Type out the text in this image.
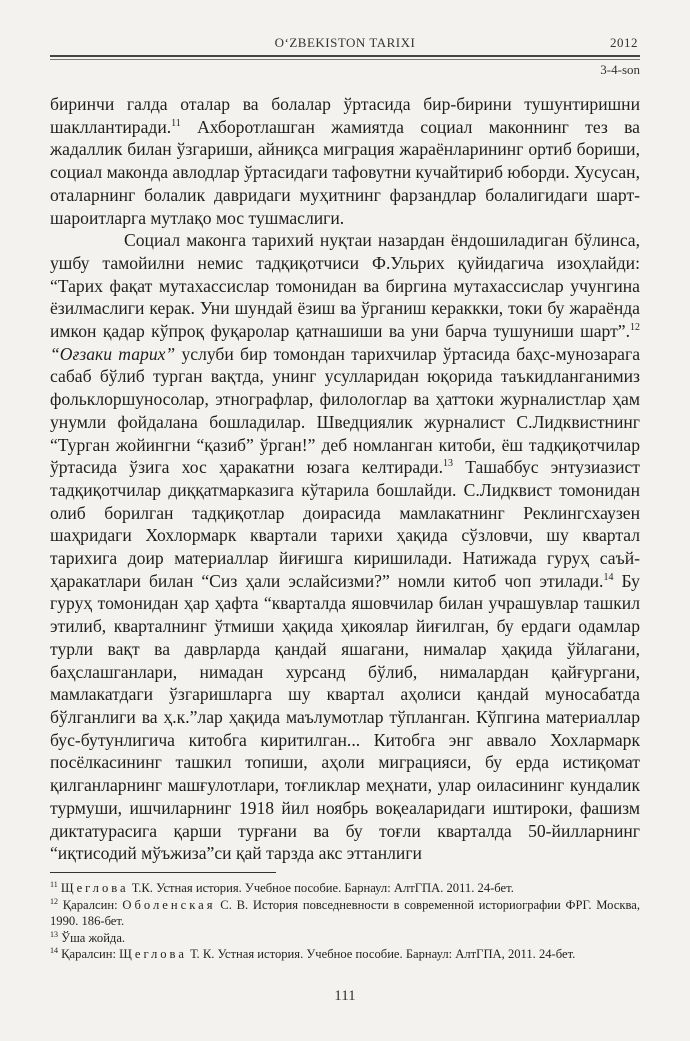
O‘ZBEKISTON TARIXI	2012
3-4-son

биринчи галда оталар ва болалар ўртасида бир-бирини тушунтиришни шакллантиради.$^{11}$ Ахборотлашган жамиятда социал маконнинг тез ва жадаллик билан ўзгариши, айниқса миграция жараёнларининг ортиб бориши, социал маконда авлодлар ўртасидаги тафовутни кучайтириб юборди. Хусусан, оталарнинг болалик давридаги муҳитнинг фарзандлар болалигидаги шарт-шароитларга мутлақо мос тушмаслиги.

Социал маконга тарихий нуқтаи назардан ёндошиладиган бўлинса, ушбу тамойилни немис тадқиқотчиси Ф.Ульрих қуйидагича изоҳлайди: “Тарих фақат мутахассислар томонидан ва биргина мутахассислар учунгина ёзилмаслиги керак. Уни шундай ёзиш ва ўрганиш кераккки, токи бу жараёнда имкон қадар кўпроқ фуқаролар қатнашиши ва уни барча тушуниши шарт”.$^{12}$ “Оғзаки тарих” услуби бир томондан тарихчилар ўртасида баҳс-мунозарага сабаб бўлиб турган вақтда, унинг усулларидан юқорида таъкидланганимиз фольклоршуносолар, этнографлар, филологлар ва ҳаттоки журналистлар ҳам унумли фойдалана бошладилар. Шведциялик журналист С.Лидквистнинг “Турган жойингни “қазиб” ўрган!” деб номланган китоби, ёш тадқиқотчилар ўртасида ўзига хос ҳаракатни юзага келтиради.$^{13}$ Ташаббус энтузиазист тадқиқотчилар диққатмарказига кўтарила бошлайди. С.Лидквист томонидан олиб борилган тадқиқотлар доирасида мамлакатнинг Реклингсхаузен шаҳридаги Хохлормарк квартали тарихи ҳақида сўзловчи, шу квартал тарихига доир материаллар йиғишга киришилади. Натижада гуруҳ саъй-ҳаракатлари билан “Сиз ҳали эслайсизми?” номли китоб чоп этилади.$^{14}$ Бу гуруҳ томонидан ҳар ҳафта “кварталда яшовчилар билан учрашувлар ташкил этилиб, кварталнинг ўтмиши ҳақида ҳикоялар йиғилган, бу ердаги одамлар турли вақт ва даврларда қандай яшагани, нималар ҳақида ўйлагани, баҳслашганлари, нимадан хурсанд бўлиб, нималардан қайғургани, мамлакатдаги ўзгаришларга шу квартал аҳолиси қандай муносабатда бўлганлиги ва ҳ.к.”лар ҳақида маълумотлар тўпланган. Кўпгина материаллар бус-бутунлигича китобга киритилган... Китобга энг аввало Хохлармарк посёлкасининг ташкил топиши, аҳоли миграцияси, бу ерда истиқомат қилганларнинг машғулотлари, тоғликлар меҳнати, улар оиласининг кундалик турмуши, ишчиларнинг 1918 йил ноябрь воқеаларидаги иштироки, фашизм диктатурасига қарши турғани ва бу тоғли кварталда 50-йилларнинг “иқтисодий мўъжиза”си қай тарзда акс эттанлиги

$^{11}$ Щеглова Т.К. Устная история. Учебное пособие. Барнаул: АлтГПА. 2011. 24-бет.

$^{12}$ Қаралсин: Оболенская С. В. История повседневности в современной историографии ФРГ. Москва, 1990. 186-бет.

$^{13}$ Ўша жойда.

$^{14}$ Қаралсин: Щеглова Т. К. Устная история. Учебное пособие. Барнаул: АлтГПА, 2011. 24-бет.

111
